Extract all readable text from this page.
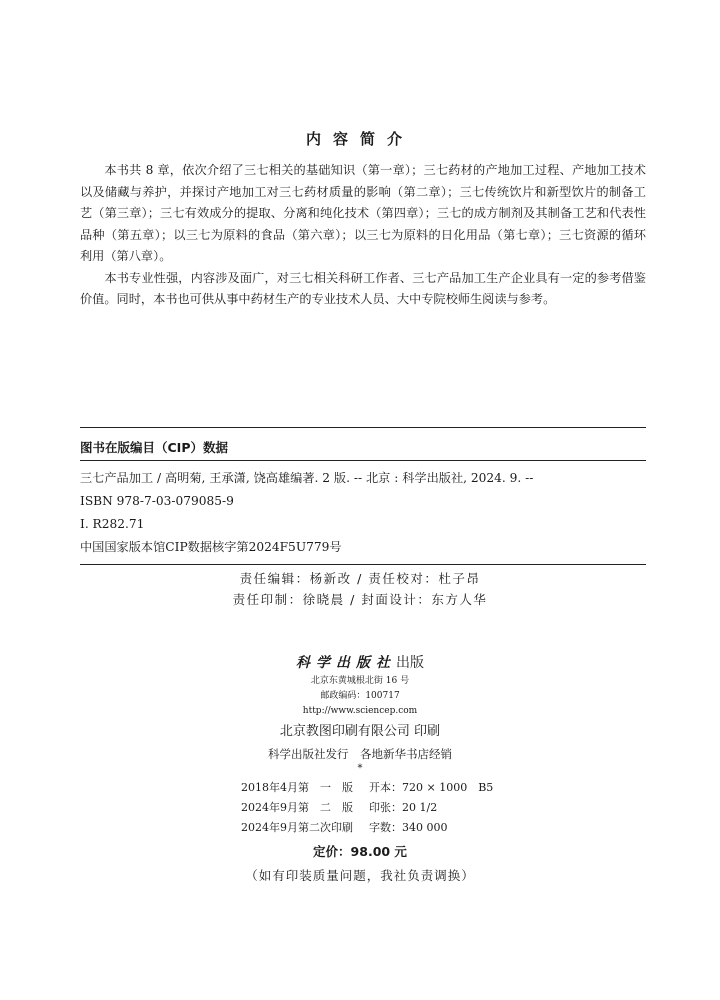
内容简介

本书共 8 章，依次介绍了三七相关的基础知识（第一章）；三七药材的产地加工过程、产地加工技术以及储藏与养护，并探讨产地加工对三七药材质量的影响（第二章）；三七传统饮片和新型饮片的制备工艺（第三章）；三七有效成分的提取、分离和纯化技术（第四章）；三七的成方制剂及其制备工艺和代表性品种（第五章）；以三七为原料的食品（第六章）；以三七为原料的日化用品（第七章）；三七资源的循环利用（第八章）。

本书专业性强，内容涉及面广，对三七相关科研工作者、三七产品加工生产企业具有一定的参考借鉴价值。同时，本书也可供从事中药材生产的专业技术人员、大中专院校师生阅读与参考。

图书在版编目（CIP）数据
三七产品加工 / 高明菊, 王承潇, 饶高雄编著. 2 版. -- 北京 : 科学出版社, 2024. 9. --
ISBN 978-7-03-079085-9
Ⅰ. R282.71
中国国家版本馆CIP数据核字第2024F5U779号
责任编辑：杨新改 / 责任校对：杜子昂
责任印制：徐晓晨 / 封面设计：东方人华
科学出版社出版
北京东黄城根北街 16 号
邮政编码：100717
http://www.sciencep.com
北京教图印刷有限公司 印刷
科学出版社发行　各地新华书店经销
*
2018年4月第　一　版 开本：720 × 1000　B5
2024年9月第　二　版 印张：20 1/2
2024年9月第二次印刷 字数：340 000
定价：98.00 元
（如有印装质量问题，我社负责调换）
